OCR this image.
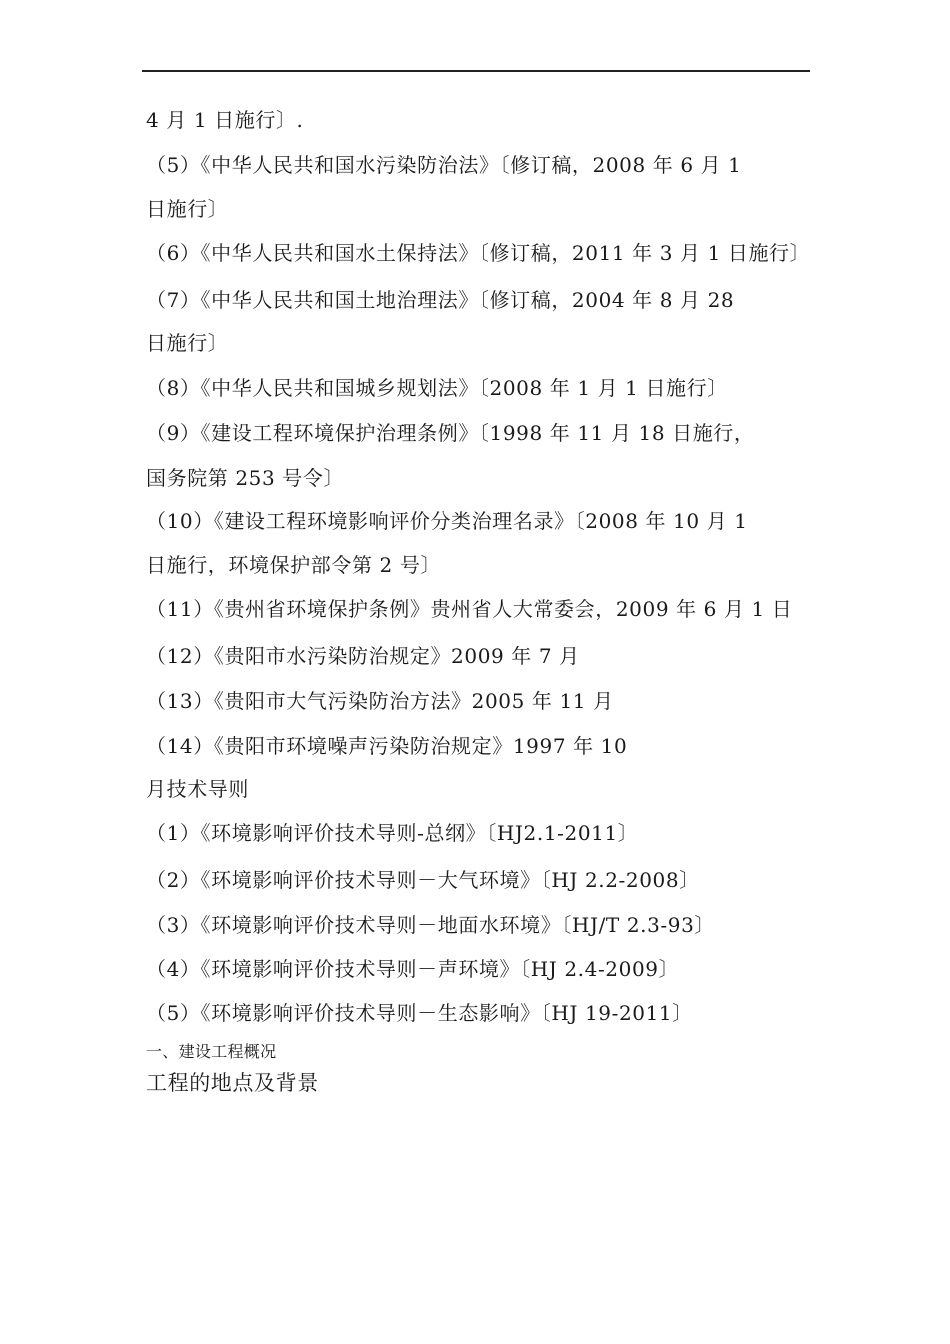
4 月 1 日施行〕.
（5）《中华人民共和国水污染防治法》〔修订稿，2008 年 6 月 1
日施行〕
（6）《中华人民共和国水土保持法》〔修订稿，2011 年 3 月 1 日施行〕
（7）《中华人民共和国土地治理法》〔修订稿，2004 年 8 月 28
日施行〕
（8）《中华人民共和国城乡规划法》〔2008 年 1 月 1 日施行〕
（9）《建设工程环境保护治理条例》〔1998 年 11 月 18 日施行，
国务院第 253 号令〕
（10）《建设工程环境影响评价分类治理名录》〔2008 年 10 月 1
日施行，环境保护部令第 2 号〕
（11）《贵州省环境保护条例》贵州省人大常委会，2009 年 6 月 1 日
（12）《贵阳市水污染防治规定》2009 年 7 月
（13）《贵阳市大气污染防治方法》2005 年 11 月
（14）《贵阳市环境噪声污染防治规定》1997 年 10
月技术导则
（1）《环境影响评价技术导则-总纲》〔HJ2.1-2011〕
（2）《环境影响评价技术导则－大气环境》〔HJ 2.2-2008〕
（3）《环境影响评价技术导则－地面水环境》〔HJ/T 2.3-93〕
（4）《环境影响评价技术导则－声环境》〔HJ 2.4-2009〕
（5）《环境影响评价技术导则－生态影响》〔HJ 19-2011〕
一、建设工程概况
工程的地点及背景
